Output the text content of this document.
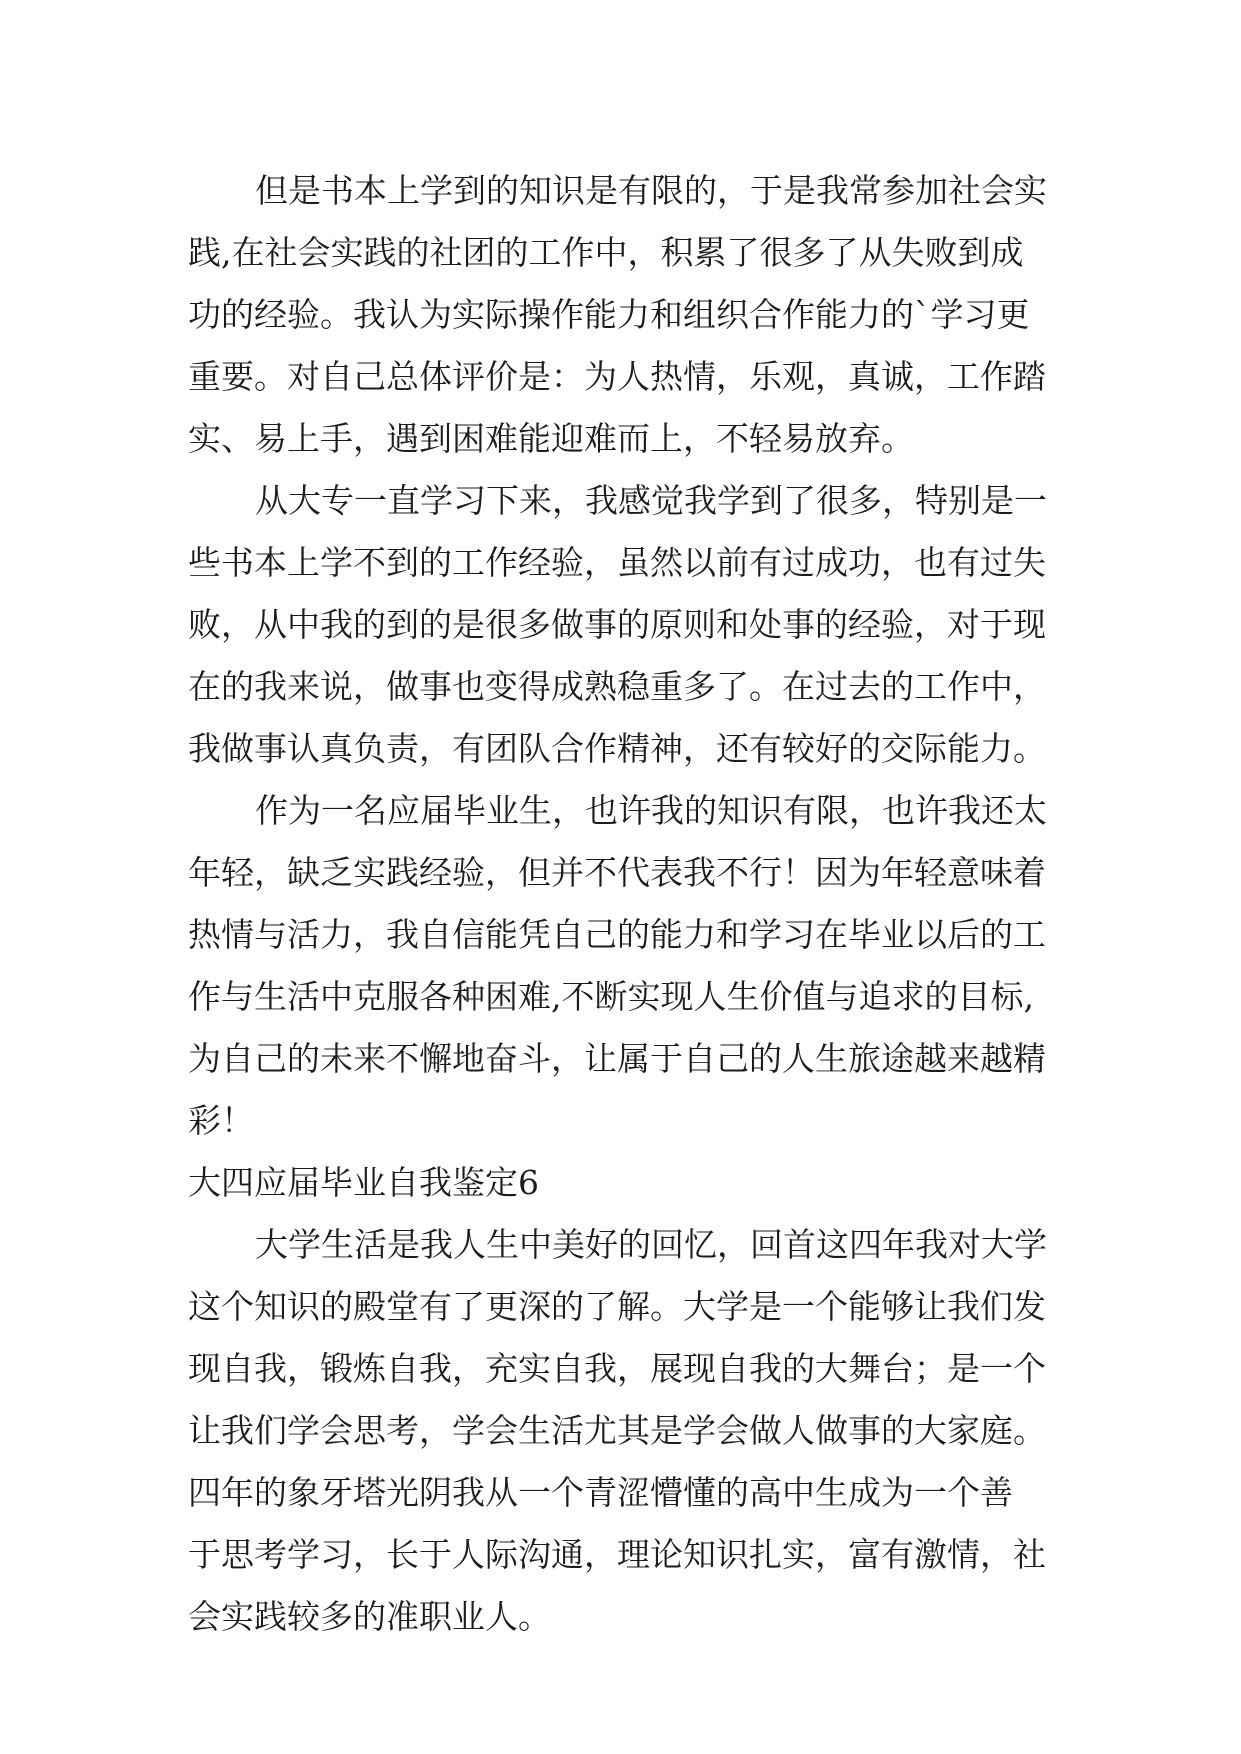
但是书本上学到的知识是有限的，于是我常参加社会实
践,在社会实践的社团的工作中，积累了很多了从失败到成
功的经验。我认为实际操作能力和组织合作能力的`学习更
重要。对自己总体评价是：为人热情，乐观，真诚，工作踏
实、易上手，遇到困难能迎难而上，不轻易放弃。
从大专一直学习下来，我感觉我学到了很多，特别是一
些书本上学不到的工作经验，虽然以前有过成功，也有过失
败，从中我的到的是很多做事的原则和处事的经验，对于现
在的我来说，做事也变得成熟稳重多了。在过去的工作中，
我做事认真负责，有团队合作精神，还有较好的交际能力。
作为一名应届毕业生，也许我的知识有限，也许我还太
年轻，缺乏实践经验，但并不代表我不行！因为年轻意味着
热情与活力，我自信能凭自己的能力和学习在毕业以后的工
作与生活中克服各种困难,不断实现人生价值与追求的目标,
为自己的未来不懈地奋斗，让属于自己的人生旅途越来越精
彩！
大四应届毕业自我鉴定6
大学生活是我人生中美好的回忆，回首这四年我对大学
这个知识的殿堂有了更深的了解。大学是一个能够让我们发
现自我，锻炼自我，充实自我，展现自我的大舞台；是一个
让我们学会思考，学会生活尤其是学会做人做事的大家庭。
四年的象牙塔光阴我从一个青涩懵懂的高中生成为一个善
于思考学习，长于人际沟通，理论知识扎实，富有激情，社
会实践较多的准职业人。
